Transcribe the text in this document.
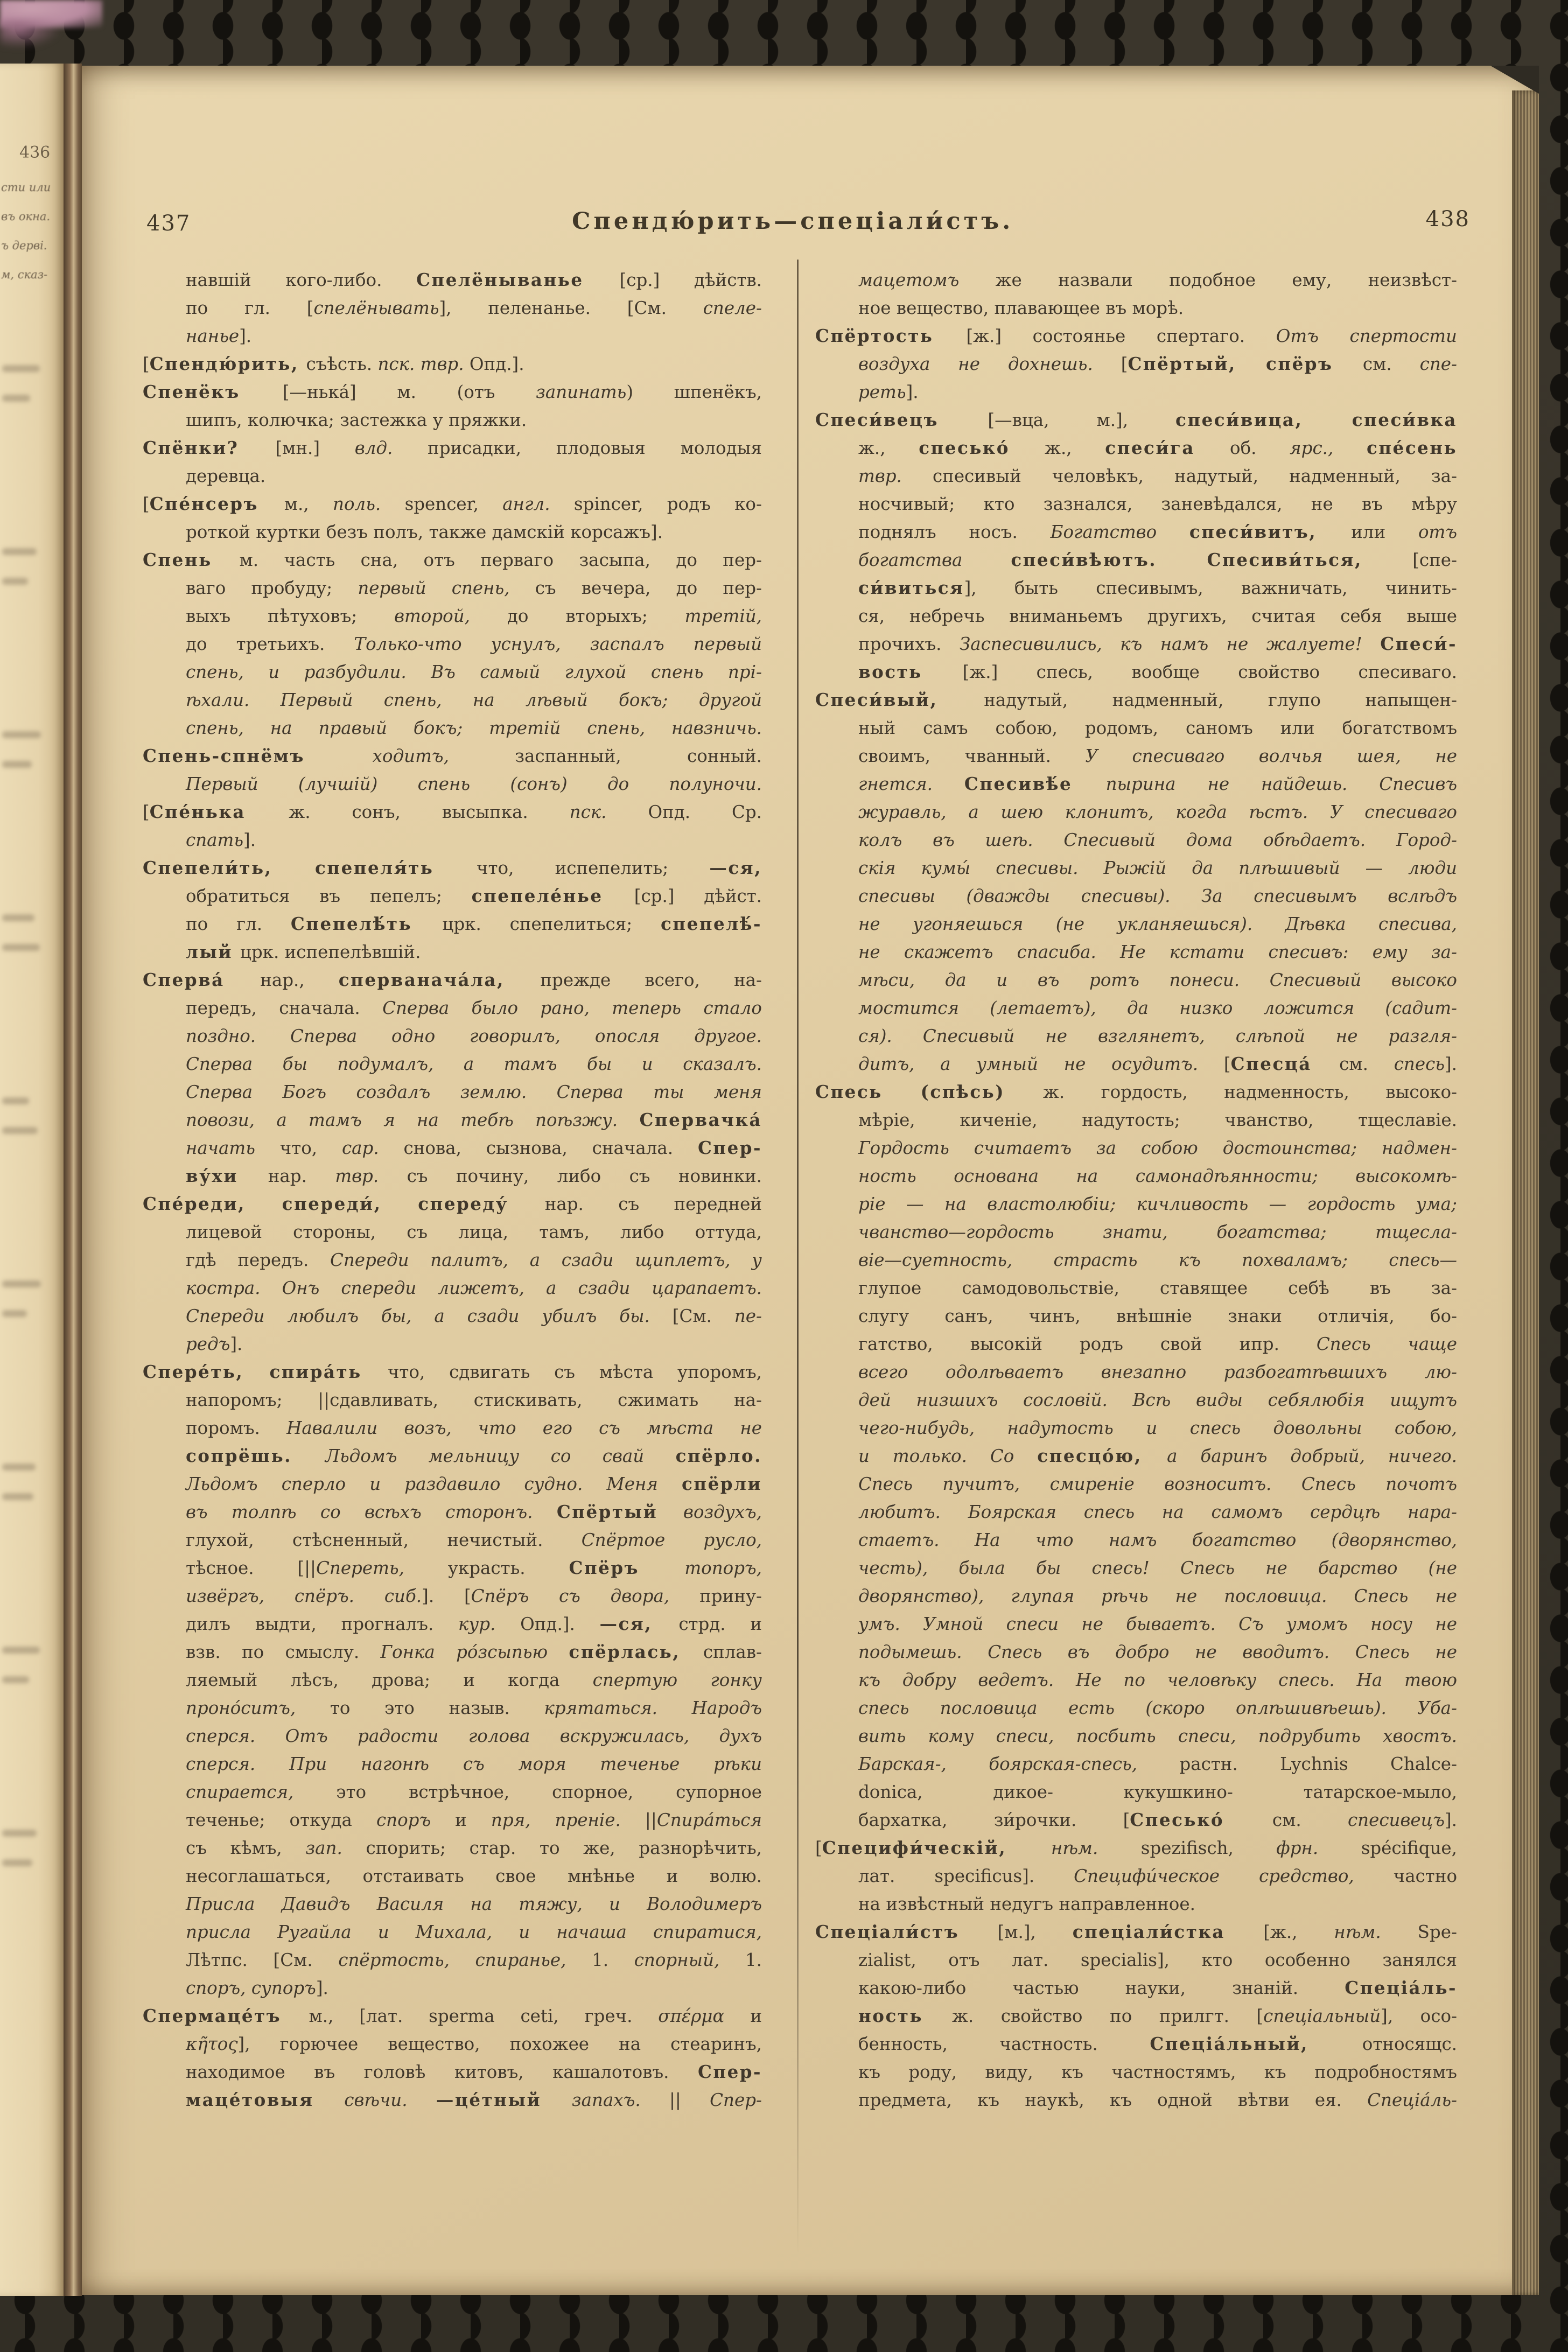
436
сти или
въ окна.
ъ дерві.
м, сказ-
437	Спендю́рить—спеціали́стъ.	438
навшій кого-либо. Спелёныванье [ср.] дѣйств.
по гл. [спелёнывать], пеленанье. [См. спеле-
нанье].
[Спендю́рить, съѣсть. пск. твр. Опд.].
Спенёкъ [—нька́] м. (отъ запинать) шпенёкъ,
шипъ, колючка; застежка у пряжки.
Спёнки? [мн.] влд. присадки, плодовыя молодыя
деревца.
[Спе́нсеръ м., поль. spencer, англ. spincer, родъ ко-
роткой куртки безъ полъ, также дамскій корсажъ].
Спень м. часть сна, отъ перваго засыпа, до пер-
ваго пробуду; первый спень, съ вечера, до пер-
выхъ пѣтуховъ; второй, до вторыхъ; третій,
до третьихъ. Только-что уснулъ, заспалъ первый
спень, и разбудили. Въ самый глухой спень прі-
ѣхали. Первый спень, на лѣвый бокъ; другой
спень, на правый бокъ; третій спень, навзничь.
Спень-спнёмъ ходитъ, заспанный, сонный.
Первый (лучшій) спень (сонъ) до полуночи.
[Спе́нька ж. сонъ, высыпка. пск. Опд. Ср.
спать].
Спепели́ть, спепеля́ть что, испепелить; —ся,
обратиться въ пепелъ; спепеле́нье [ср.] дѣйст.
по гл. Спепелѣ́ть црк. спепелиться; спепелѣ́-
лый црк. испепелѣвшій.
Сперва́ нар., сперванача́ла, прежде всего, на-
передъ, сначала. Сперва было рано, теперь стало
поздно. Сперва одно говорилъ, опосля другое.
Сперва бы подумалъ, а тамъ бы и сказалъ.
Сперва Богъ создалъ землю. Сперва ты меня
повози, а тамъ я на тебѣ поѣзжу. Спервачка́
начать что, сар. снова, сызнова, сначала. Спер-
ву́хи нар. твр. съ почину, либо съ новинки.
Спе́реди, спереди́, спереду́ нар. съ передней
лицевой стороны, съ лица, тамъ, либо оттуда,
гдѣ передъ. Спереди палитъ, а сзади щиплетъ, у
костра. Онъ спереди лижетъ, а сзади царапаетъ.
Спереди любилъ бы, а сзади убилъ бы. [См. пе-
редъ].
Спере́ть, спира́ть что, сдвигать съ мѣста упоромъ,
напоромъ; ||сдавливать, стискивать, сжимать на-
поромъ. Навалили возъ, что его съ мѣста не
сопрёшь. Льдомъ мельницу со свай спёрло.
Льдомъ сперло и раздавило судно. Меня спёрли
въ толпѣ со всѣхъ сторонъ. Спёртый воздухъ,
глухой, стѣсненный, нечистый. Спёртое русло,
тѣсное. [||Спереть, украсть. Спёръ топоръ,
извёргъ, спёръ. сиб.]. [Спёръ съ двора, прину-
дилъ выдти, прогналъ. кур. Опд.]. —ся, стрд. и
взв. по смыслу. Гонка ро́зсыпью спёрлась, сплав-
ляемый лѣсъ, дрова; и когда спертую гонку
проно́ситъ, то это назыв. крятаться. Народъ
сперся. Отъ радости голова вскружилась, духъ
сперся. При нагонѣ съ моря теченье рѣки
спирается, это встрѣчное, спорное, супорное
теченье; откуда споръ и пря, преніе. ||Спира́ться
съ кѣмъ, зап. спорить; стар. то же, разнорѣчить,
несоглашаться, отстаивать свое мнѣнье и волю.
Присла Давидъ Василя на тяжу, и Володимеръ
присла Ругайла и Михала, и начаша спиратися,
Лѣтпс. [См. спёртость, спиранье, 1. спорный, 1.
споръ, супоръ].
Спермаце́тъ м., [лат. sperma ceti, греч. σπέρμα и
κῆτος], горючее вещество, похожее на стеаринъ,
находимое въ головѣ китовъ, кашалотовъ. Спер-
маце́товыя свѣчи. —це́тный запахъ. || Спер-
мацетомъ же назвали подобное ему, неизвѣст-
ное вещество, плавающее въ морѣ.
Спёртость [ж.] состоянье спертаго. Отъ спертости
воздуха не дохнешь. [Спёртый, спёръ см. спе-
реть].
Спеси́вецъ [—вца, м.], спеси́вица, спеси́вка
ж., спесько́ ж., спеси́га об. ярс., спе́сень
твр. спесивый человѣкъ, надутый, надменный, за-
носчивый; кто зазнался, заневѣдался, не въ мѣру
поднялъ носъ. Богатство спеси́витъ, или отъ
богатства спеси́вѣютъ. Спесиви́ться, [спе-
си́виться], быть спесивымъ, важничать, чинить-
ся, небречь вниманьемъ другихъ, считая себя выше
прочихъ. Заспесивились, къ намъ не жалуете! Спеси́-
вость [ж.] спесь, вообще свойство спесиваго.
Спеси́вый, надутый, надменный, глупо напыщен-
ный самъ собою, родомъ, саномъ или богатствомъ
своимъ, чванный. У спесиваго волчья шея, не
гнется. Спесивѣ́е пырина не найдешь. Спесивъ
журавль, а шею клонитъ, когда ѣстъ. У спесиваго
колъ въ шеѣ. Спесивый дома обѣдаетъ. Город-
скія кумы́ спесивы. Рыжій да плѣшивый — люди
спесивы (дважды спесивы). За спесивымъ вслѣдъ
не угоняешься (не укланяешься). Дѣвка спесива,
не скажетъ спасиба. Не кстати спесивъ: ему за-
мѣси, да и въ ротъ понеси. Спесивый высоко
мостится (летаетъ), да низко ложится (садит-
ся). Спесивый не взглянетъ, слѣпой не разгля-
дитъ, а умный не осудитъ. [Спесца́ см. спесь].
Спесь (спѣсь) ж. гордость, надменность, высоко-
мѣріе, киченіе, надутость; чванство, тщеславіе.
Гордость считаетъ за собою достоинства; надмен-
ность основана на самонадѣянности; высокомѣ-
ріе — на властолюбіи; кичливость — гордость ума;
чванство—гордость знати, богатства; тщесла-
віе—суетность, страсть къ похваламъ; спесь—
глупое самодовольствіе, ставящее себѣ въ за-
слугу санъ, чинъ, внѣшніе знаки отличія, бо-
гатство, высокій родъ свой ипр. Спесь чаще
всего одолѣваетъ внезапно разбогатѣвшихъ лю-
дей низшихъ сословій. Всѣ виды себялюбія ищутъ
чего-нибудь, надутость и спесь довольны собою,
и только. Со спесцо́ю, а баринъ добрый, ничего.
Спесь пучитъ, смиреніе возноситъ. Спесь почотъ
любитъ. Боярская спесь на самомъ сердцѣ нара-
стаетъ. На что намъ богатство (дворянство,
честь), была бы спесь! Спесь не барство (не
дворянство), глупая рѣчь не пословица. Спесь не
умъ. Умной спеси не бываетъ. Съ умомъ носу не
подымешь. Спесь въ добро не вводитъ. Спесь не
къ добру ведетъ. Не по человѣку спесь. На твою
спесь пословица есть (скоро оплѣшивѣешь). Уба-
вить кому спеси, посбить спеси, подрубить хвостъ.
Барская-, боярская-спесь, растн. Lychnis Chalce-
donica, дикое- кукушкино- татарское-мыло,
бархатка, зи́рочки. [Спесько́ см. спесивецъ].
[Специфи́ческій, нѣм. spezifisch, фрн. spécifique,
лат. specificus]. Специфи́ческое средство, частно
на извѣстный недугъ направленное.
Спеціали́стъ [м.], спеціали́стка [ж., нѣм. Spe-
zialist, отъ лат. specialis], кто особенно занялся
какою-либо частью науки, знаній. Спеціа́ль-
ность ж. свойство по прилгт. [спеціальный], осо-
бенность, частность. Спеціа́льный, относящс.
къ роду, виду, къ частностямъ, къ подробностямъ
предмета, къ наукѣ, къ одной вѣтви ея. Спеціа́ль-
